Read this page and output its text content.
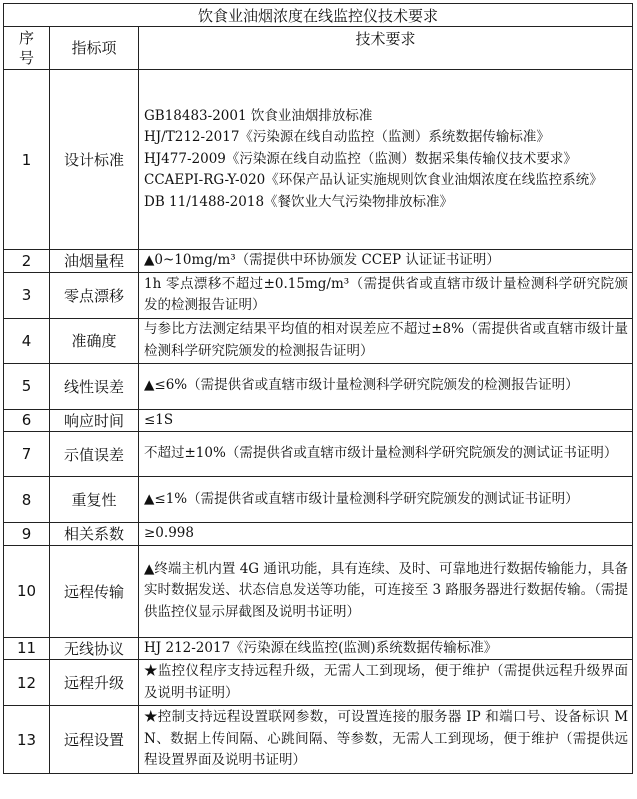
饮食业油烟浓度在线监控仪技术要求		
序号	指标项	技术要求
1	设计标准	GB18483-2001 饮食业油烟排放标准
HJ/T212-2017《污染源在线自动监控（监测）系统数据传输标准》
HJ477-2009《污染源在线自动监控（监测）数据采集传输仪技术要求》
CCAEPI-RG-Y-020《环保产品认证实施规则饮食业油烟浓度在线监控系统》
DB 11/1488-2018《餐饮业大气污染物排放标准》

2	油烟量程	▲0~10mg/m³（需提供中环协颁发 CCEP 认证证书证明）
3	零点漂移	1h 零点漂移不超过±0.15mg/m³（需提供省或直辖市级计量检测科学研究院颁发的检测报告证明）
4	准确度	与参比方法测定结果平均值的相对误差应不超过±8%（需提供省或直辖市级计量检测科学研究院颁发的检测报告证明）
5	线性误差	▲≤6%（需提供省或直辖市级计量检测科学研究院颁发的检测报告证明）
6	响应时间	≤1S
7	示值误差	不超过±10%（需提供省或直辖市级计量检测科学研究院颁发的测试证书证明）
8	重复性	▲≤1%（需提供省或直辖市级计量检测科学研究院颁发的测试证书证明）
9	相关系数	≥0.998
10	远程传输	▲终端主机内置 4G 通讯功能，具有连续、及时、可靠地进行数据传输能力，具备实时数据发送、状态信息发送等功能，可连接至 3 路服务器进行数据传输。（需提供监控仪显示屏截图及说明书证明）
11	无线协议	HJ 212-2017《污染源在线监控(监测)系统数据传输标准》
12	远程升级	★监控仪程序支持远程升级，无需人工到现场，便于维护（需提供远程升级界面及说明书证明）
13	远程设置	★控制支持远程设置联网参数，可设置连接的服务器 IP 和端口号、设备标识 MN、数据上传间隔、心跳间隔、等参数，无需人工到现场，便于维护（需提供远程设置界面及说明书证明）
